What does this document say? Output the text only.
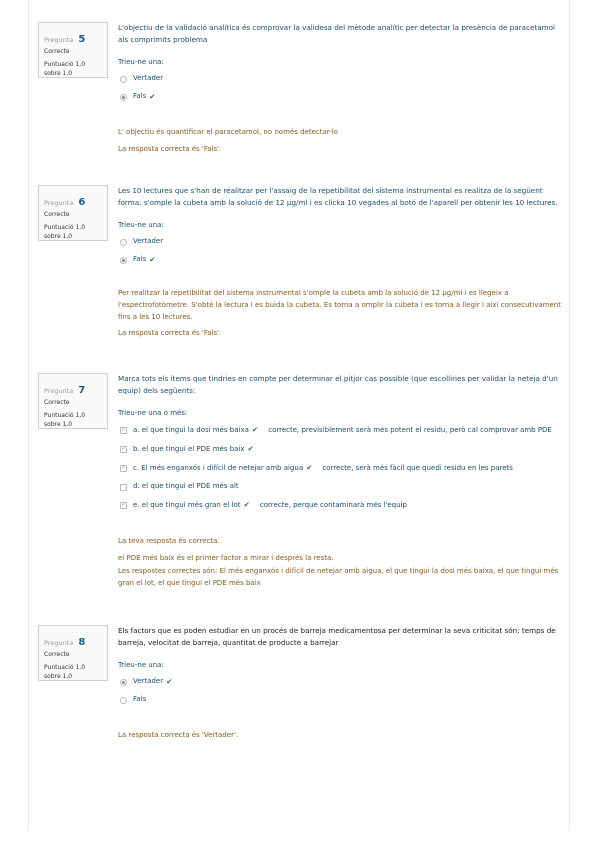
Pregunta 5
Correcte
Puntuació 1,0
sobre 1,0
L'objectiu de la validació analítica és comprovar la validesa del mètode analític per detectar la presència de paracetamol als comprimits problema
Trieu-ne una:
Vertader
Fals ✔
L' objectiu és quantificar el paracetamol, no només detectar-lo
La resposta correcta és 'Fals'.
Pregunta 6
Correcte
Puntuació 1,0
sobre 1,0
Les 10 lectures que s'han de realitzar per l'assaig de la repetibilitat del sistema instrumental es realitza de la següent forma: s'omple la cubeta amb la solució de 12 µg/ml i es clicka 10 vegades al botó de l'aparell per obtenir les 10 lectures.
Trieu-ne una:
Vertader
Fals ✔
Per realitzar la repetibilitat del sistema instrumental s'omple la cubeta amb la solució de 12 µg/ml i es llegeix a l'espectrofotòmetre. S'obté la lectura i es buida la cubeta. Es torna a omplir la cubeta i es torna a llegir i així consecutivament fins a les 10 lectures.
La resposta correcta és 'Fals'.
Pregunta 7
Correcte
Puntuació 1,0
sobre 1,0
Marca tots els ítems que tindries en compte per determinar el pitjor cas possible (que escolliries per validar la neteja d'un equip) dels següents:
Trieu-ne una o més:
✓ a. el que tingui la dosi més baixa ✔ correcte, previsiblement serà més potent el residu, però cal comprovar amb PDE
✓ b. el que tingui el PDE més baix ✔
✓ c. El més enganxós i difícil de netejar amb aigua ✔ correcte, serà més fàcil que quedi residu en les parets
d. el que tingui el PDE més alt
✓ e. el que tingui més gran el lot ✔ correcte, perque contaminarà més l'equip
La teva resposta és correcta.
el PDE més baix és el primer factor a mirar i després la resta.
Les respostes correctes són: El més enganxós i difícil de netejar amb aigua, el que tingui la dosi més baixa, el que tingui més gran el lot, el que tingui el PDE més baix
Pregunta 8
Correcte
Puntuació 1,0
sobre 1,0
Els factors que es poden estudiar en un procés de barreja medicamentosa per determinar la seva criticitat són: temps de barreja, velocitat de barreja, quantitat de producte a barrejar
Trieu-ne una:
Vertader ✔
Fals
La resposta correcta és 'Vertader'.
